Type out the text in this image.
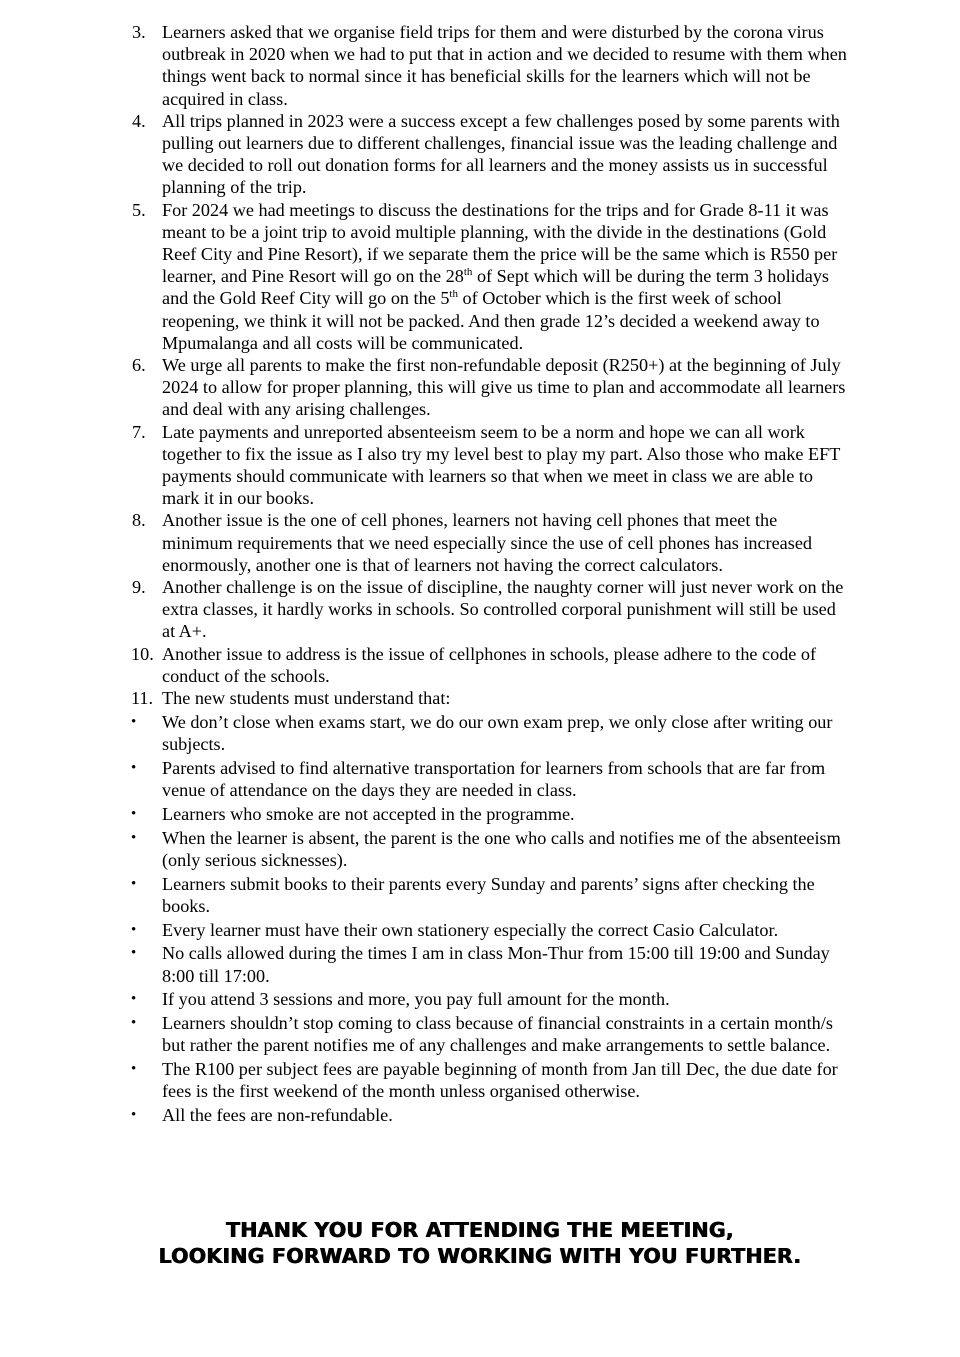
3. Learners asked that we organise field trips for them and were disturbed by the corona virus outbreak in 2020 when we had to put that in action and we decided to resume with them when things went back to normal since it has beneficial skills for the learners which will not be acquired in class.
4. All trips planned in 2023 were a success except a few challenges posed by some parents with pulling out learners due to different challenges, financial issue was the leading challenge and we decided to roll out donation forms for all learners and the money assists us in successful planning of the trip.
5. For 2024 we had meetings to discuss the destinations for the trips and for Grade 8-11 it was meant to be a joint trip to avoid multiple planning, with the divide in the destinations (Gold Reef City and Pine Resort), if we separate them the price will be the same which is R550 per learner, and Pine Resort will go on the 28th of Sept which will be during the term 3 holidays and the Gold Reef City will go on the 5th of October which is the first week of school reopening, we think it will not be packed. And then grade 12’s decided a weekend away to Mpumalanga and all costs will be communicated.
6. We urge all parents to make the first non-refundable deposit (R250+) at the beginning of July 2024 to allow for proper planning, this will give us time to plan and accommodate all learners and deal with any arising challenges.
7. Late payments and unreported absenteeism seem to be a norm and hope we can all work together to fix the issue as I also try my level best to play my part. Also those who make EFT payments should communicate with learners so that when we meet in class we are able to mark it in our books.
8. Another issue is the one of cell phones, learners not having cell phones that meet the minimum requirements that we need especially since the use of cell phones has increased enormously, another one is that of learners not having the correct calculators.
9. Another challenge is on the issue of discipline, the naughty corner will just never work on the extra classes, it hardly works in schools. So controlled corporal punishment will still be used at A+.
10. Another issue to address is the issue of cellphones in schools, please adhere to the code of conduct of the schools.
11. The new students must understand that:
• We don’t close when exams start, we do our own exam prep, we only close after writing our subjects.
• Parents advised to find alternative transportation for learners from schools that are far from venue of attendance on the days they are needed in class.
• Learners who smoke are not accepted in the programme.
• When the learner is absent, the parent is the one who calls and notifies me of the absenteeism (only serious sicknesses).
• Learners submit books to their parents every Sunday and parents’ signs after checking the books.
• Every learner must have their own stationery especially the correct Casio Calculator.
• No calls allowed during the times I am in class Mon-Thur from 15:00 till 19:00 and Sunday 8:00 till 17:00.
• If you attend 3 sessions and more, you pay full amount for the month.
• Learners shouldn’t stop coming to class because of financial constraints in a certain month/s but rather the parent notifies me of any challenges and make arrangements to settle balance.
• The R100 per subject fees are payable beginning of month from Jan till Dec, the due date for fees is the first weekend of the month unless organised otherwise.
• All the fees are non-refundable.
THANK YOU FOR ATTENDING THE MEETING,
LOOKING FORWARD TO WORKING WITH YOU FURTHER.
